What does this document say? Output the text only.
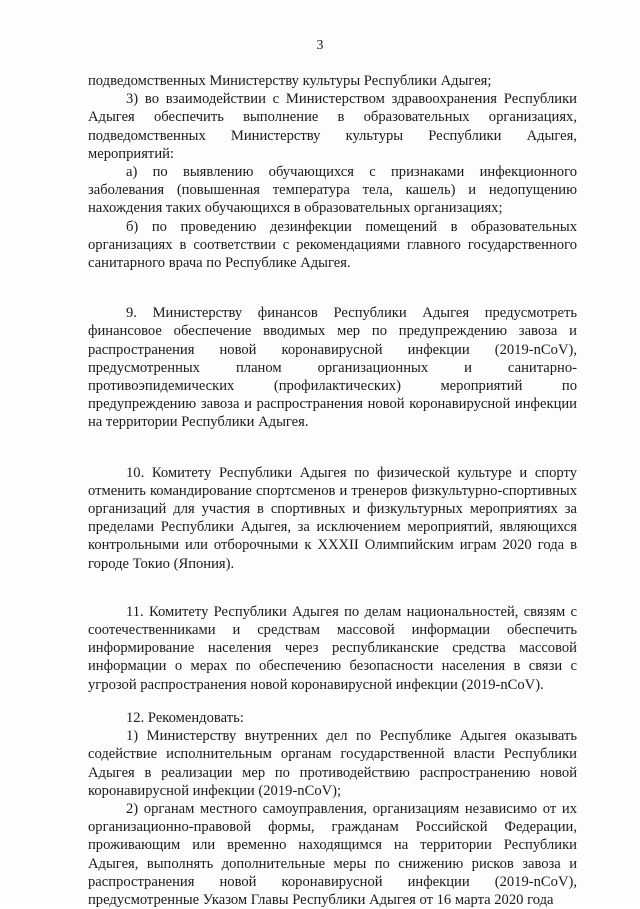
3

подведомственных Министерству культуры Республики Адыгея;

3) во взаимодействии с Министерством здравоохранения Республики Адыгея обеспечить выполнение в образовательных организациях, подведомственных Министерству культуры Республики Адыгея, мероприятий:

а) по выявлению обучающихся с признаками инфекционного заболевания (повышенная температура тела, кашель) и недопущению нахождения таких обучающихся в образовательных организациях;

б) по проведению дезинфекции помещений в образовательных организациях в соответствии с рекомендациями главного государственного санитарного врача по Республике Адыгея.

9. Министерству финансов Республики Адыгея предусмотреть финансовое обеспечение вводимых мер по предупреждению завоза и распространения новой коронавирусной инфекции (2019-nCoV), предусмотренных планом организационных и санитарно-противоэпидемических (профилактических) мероприятий по предупреждению завоза и распространения новой коронавирусной инфекции на территории Республики Адыгея.

10. Комитету Республики Адыгея по физической культуре и спорту отменить командирование спортсменов и тренеров физкультурно-спортивных организаций для участия в спортивных и физкультурных мероприятиях за пределами Республики Адыгея, за исключением мероприятий, являющихся контрольными или отборочными к XXXII Олимпийским играм 2020 года в городе Токио (Япония).

11. Комитету Республики Адыгея по делам национальностей, связям с соотечественниками и средствам массовой информации обеспечить информирование населения через республиканские средства массовой информации о мерах по обеспечению безопасности населения в связи с угрозой распространения новой коронавирусной инфекции (2019-nCoV).

12. Рекомендовать:

1) Министерству внутренних дел по Республике Адыгея оказывать содействие исполнительным органам государственной власти Республики Адыгея в реализации мер по противодействию распространению новой коронавирусной инфекции (2019-nCoV);

2) органам местного самоуправления, организациям независимо от их организационно-правовой формы, гражданам Российской Федерации, проживающим или временно находящимся на территории Республики Адыгея, выполнять дополнительные меры по снижению рисков завоза и распространения новой коронавирусной инфекции (2019-nCoV), предусмотренные Указом Главы Республики Адыгея от 16 марта 2020 года
